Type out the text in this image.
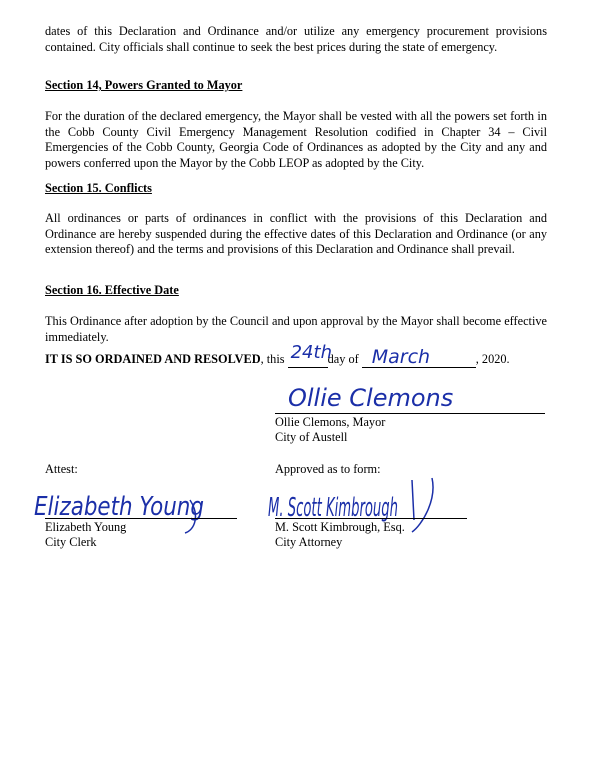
dates of this Declaration and Ordinance and/or utilize any emergency procurement provisions contained. City officials shall continue to seek the best prices during the state of emergency.

Section 14, Powers Granted to Mayor

For the duration of the declared emergency, the Mayor shall be vested with all the powers set forth in the Cobb County Civil Emergency Management Resolution codified in Chapter 34 – Civil Emergencies of the Cobb County, Georgia Code of Ordinances as adopted by the City and any and powers conferred upon the Mayor by the Cobb LEOP as adopted by the City.

Section 15. Conflicts

All ordinances or parts of ordinances in conflict with the provisions of this Declaration and Ordinance are hereby suspended during the effective dates of this Declaration and Ordinance (or any extension thereof) and the terms and provisions of this Declaration and Ordinance shall prevail.

Section 16. Effective Date

This Ordinance after adoption by the Council and upon approval by the Mayor shall become effective immediately.

IT IS SO ORDAINED AND RESOLVED, this 24th
day of March	, 2020.
Ollie Clemons
Ollie Clemons, Mayor
City of Austell
Attest:
Elizabeth Young
Elizabeth Young
City Clerk
Approved as to form:
M. Scott Kimbrough
M. Scott Kimbrough, Esq.
City Attorney
